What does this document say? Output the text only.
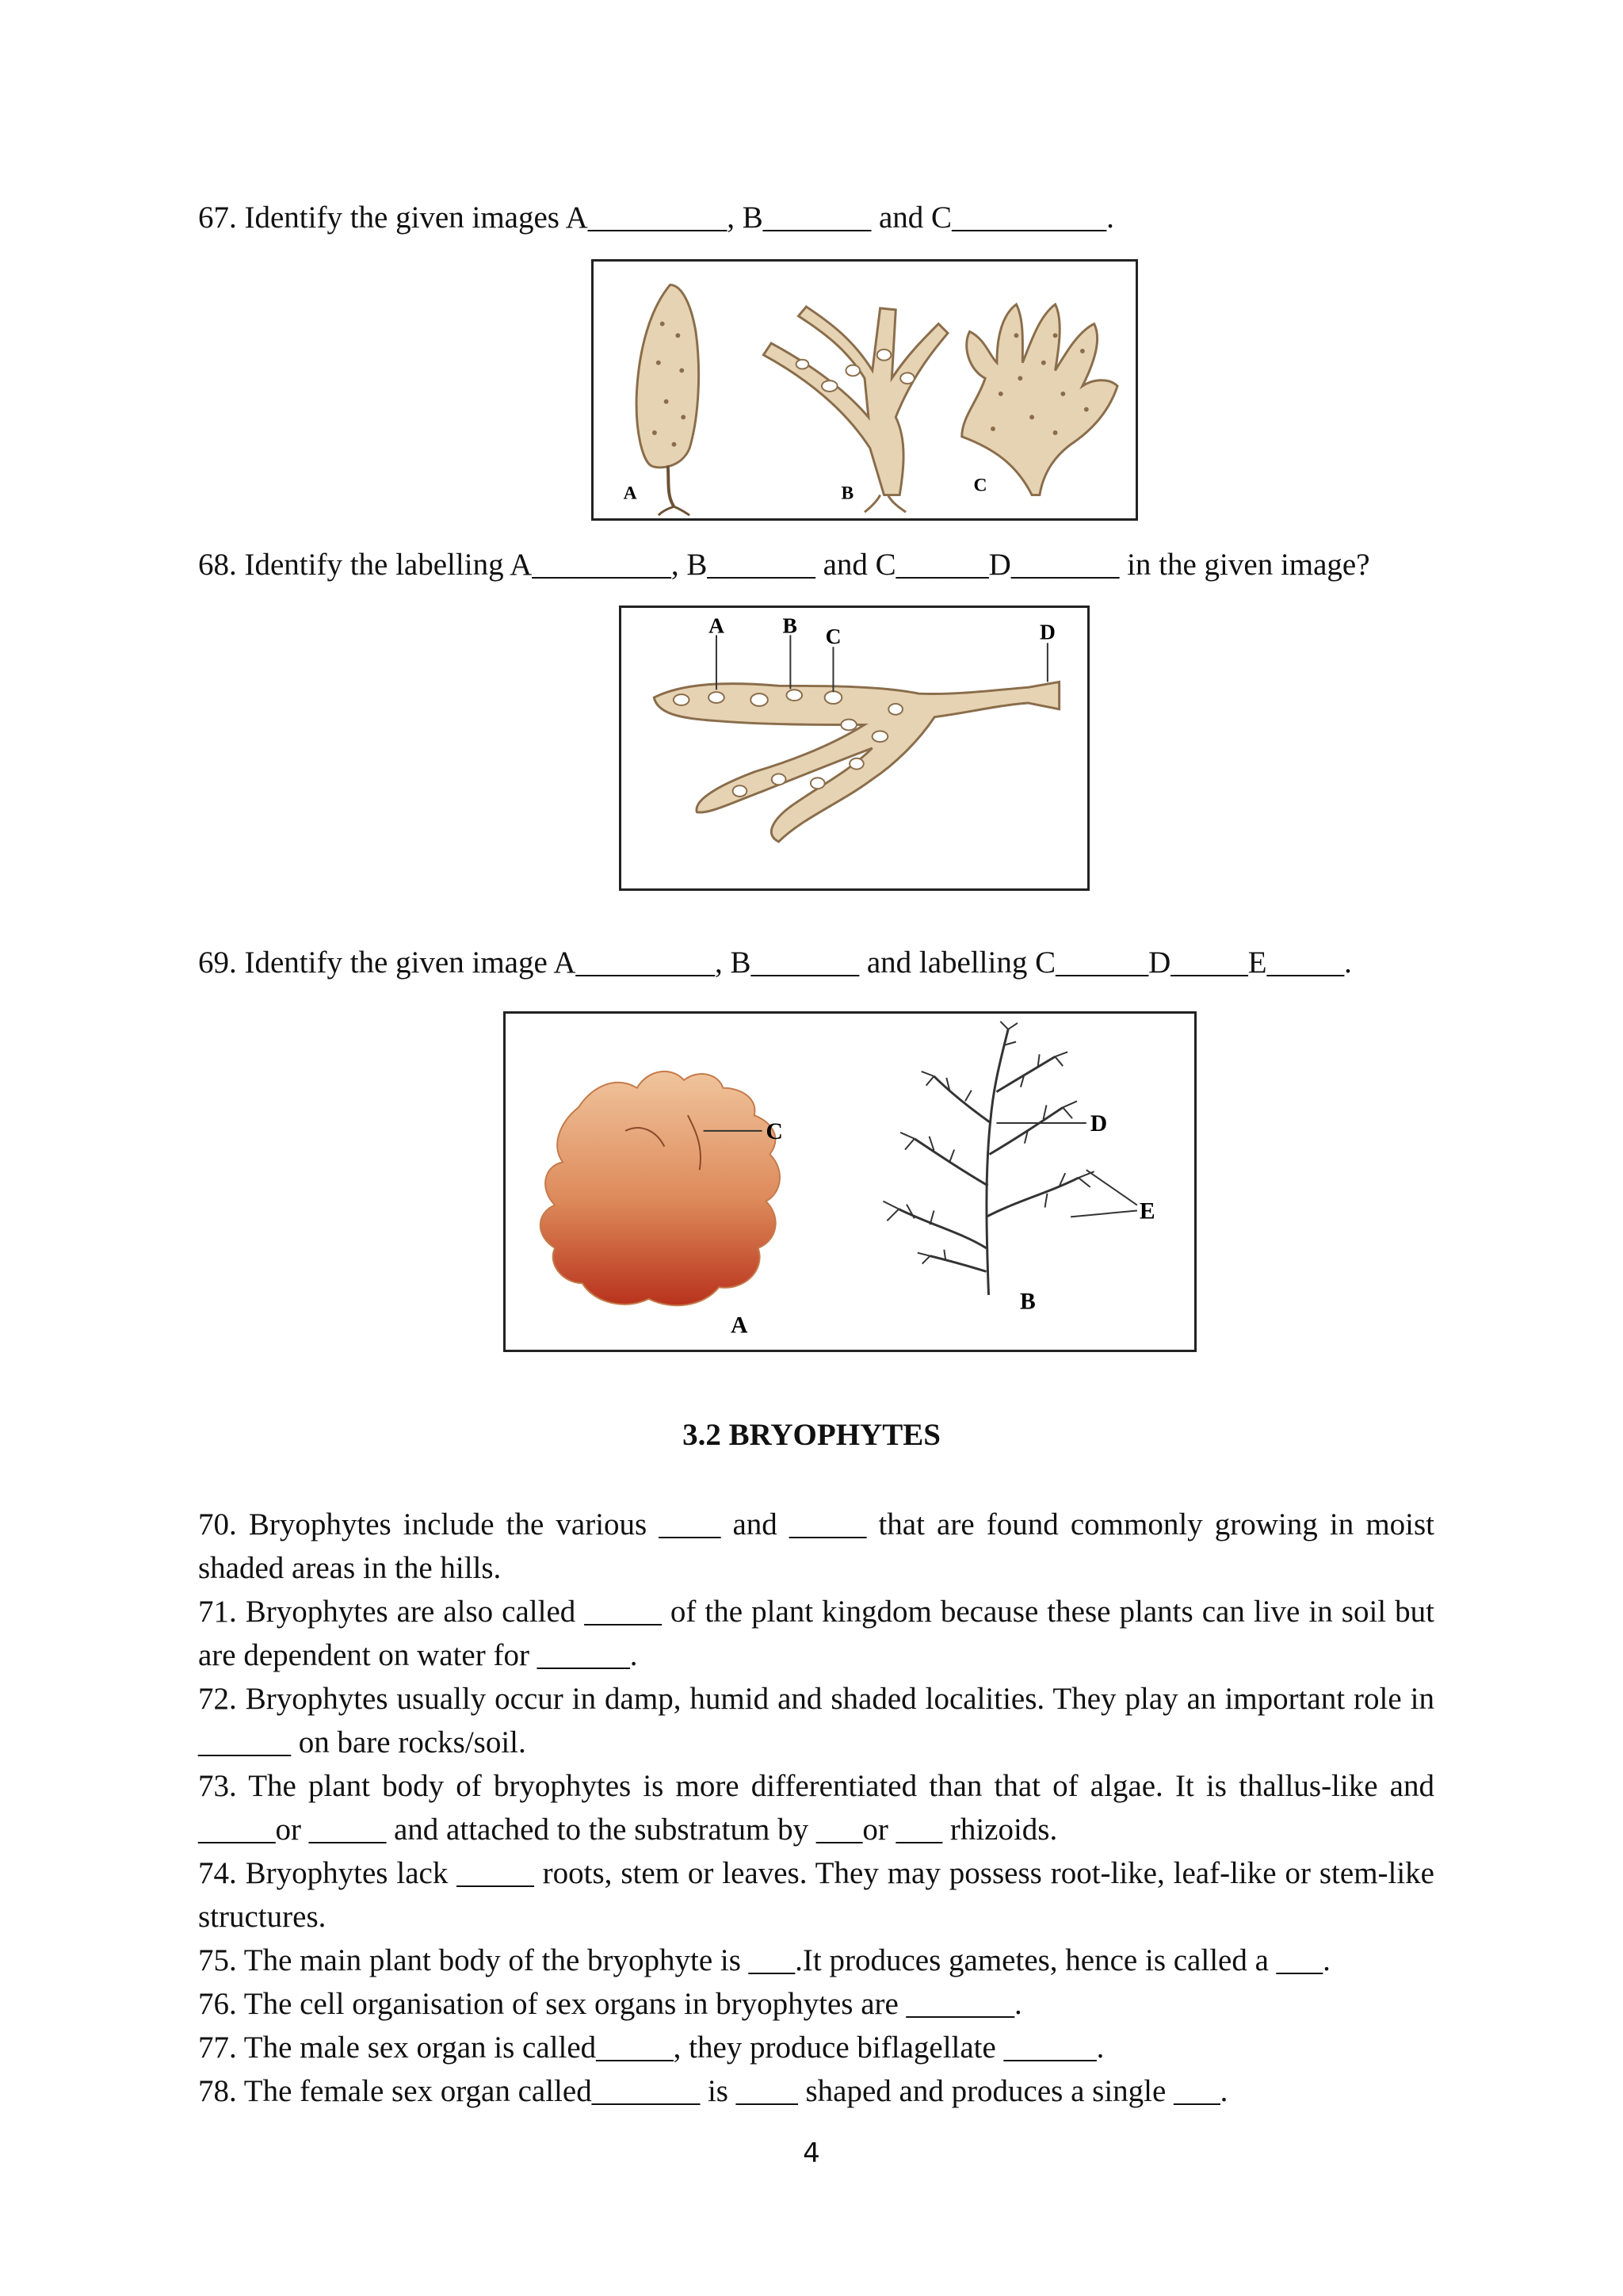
67. Identify the given images A_________, B_______ and C__________.
A	B	C
68. Identify the labelling A_________, B_______ and C______D_______ in the given image?
A	B C	D
69. Identify the given image A_________, B_______ and labelling C______D_____E_____.
C	D
E
A
B
3.2 BRYOPHYTES
70. Bryophytes include the various ____ and _____ that are found commonly growing in moist shaded areas in the hills.
71. Bryophytes are also called _____ of the plant kingdom because these plants can live in soil but are dependent on water for ______.
72. Bryophytes usually occur in damp, humid and shaded localities. They play an important role in ______ on bare rocks/soil.
73. The plant body of bryophytes is more differentiated than that of algae. It is thallus-like and _____or _____ and attached to the substratum by ___or ___ rhizoids.
74. Bryophytes lack _____ roots, stem or leaves. They may possess root-like, leaf-like or stem-like structures.
75. The main plant body of the bryophyte is ___.It produces gametes, hence is called a ___.
76. The cell organisation of sex organs in bryophytes are _______.
77. The male sex organ is called_____, they produce biflagellate ______.
78. The female sex organ called_______ is ____ shaped and produces a single ___.
4
